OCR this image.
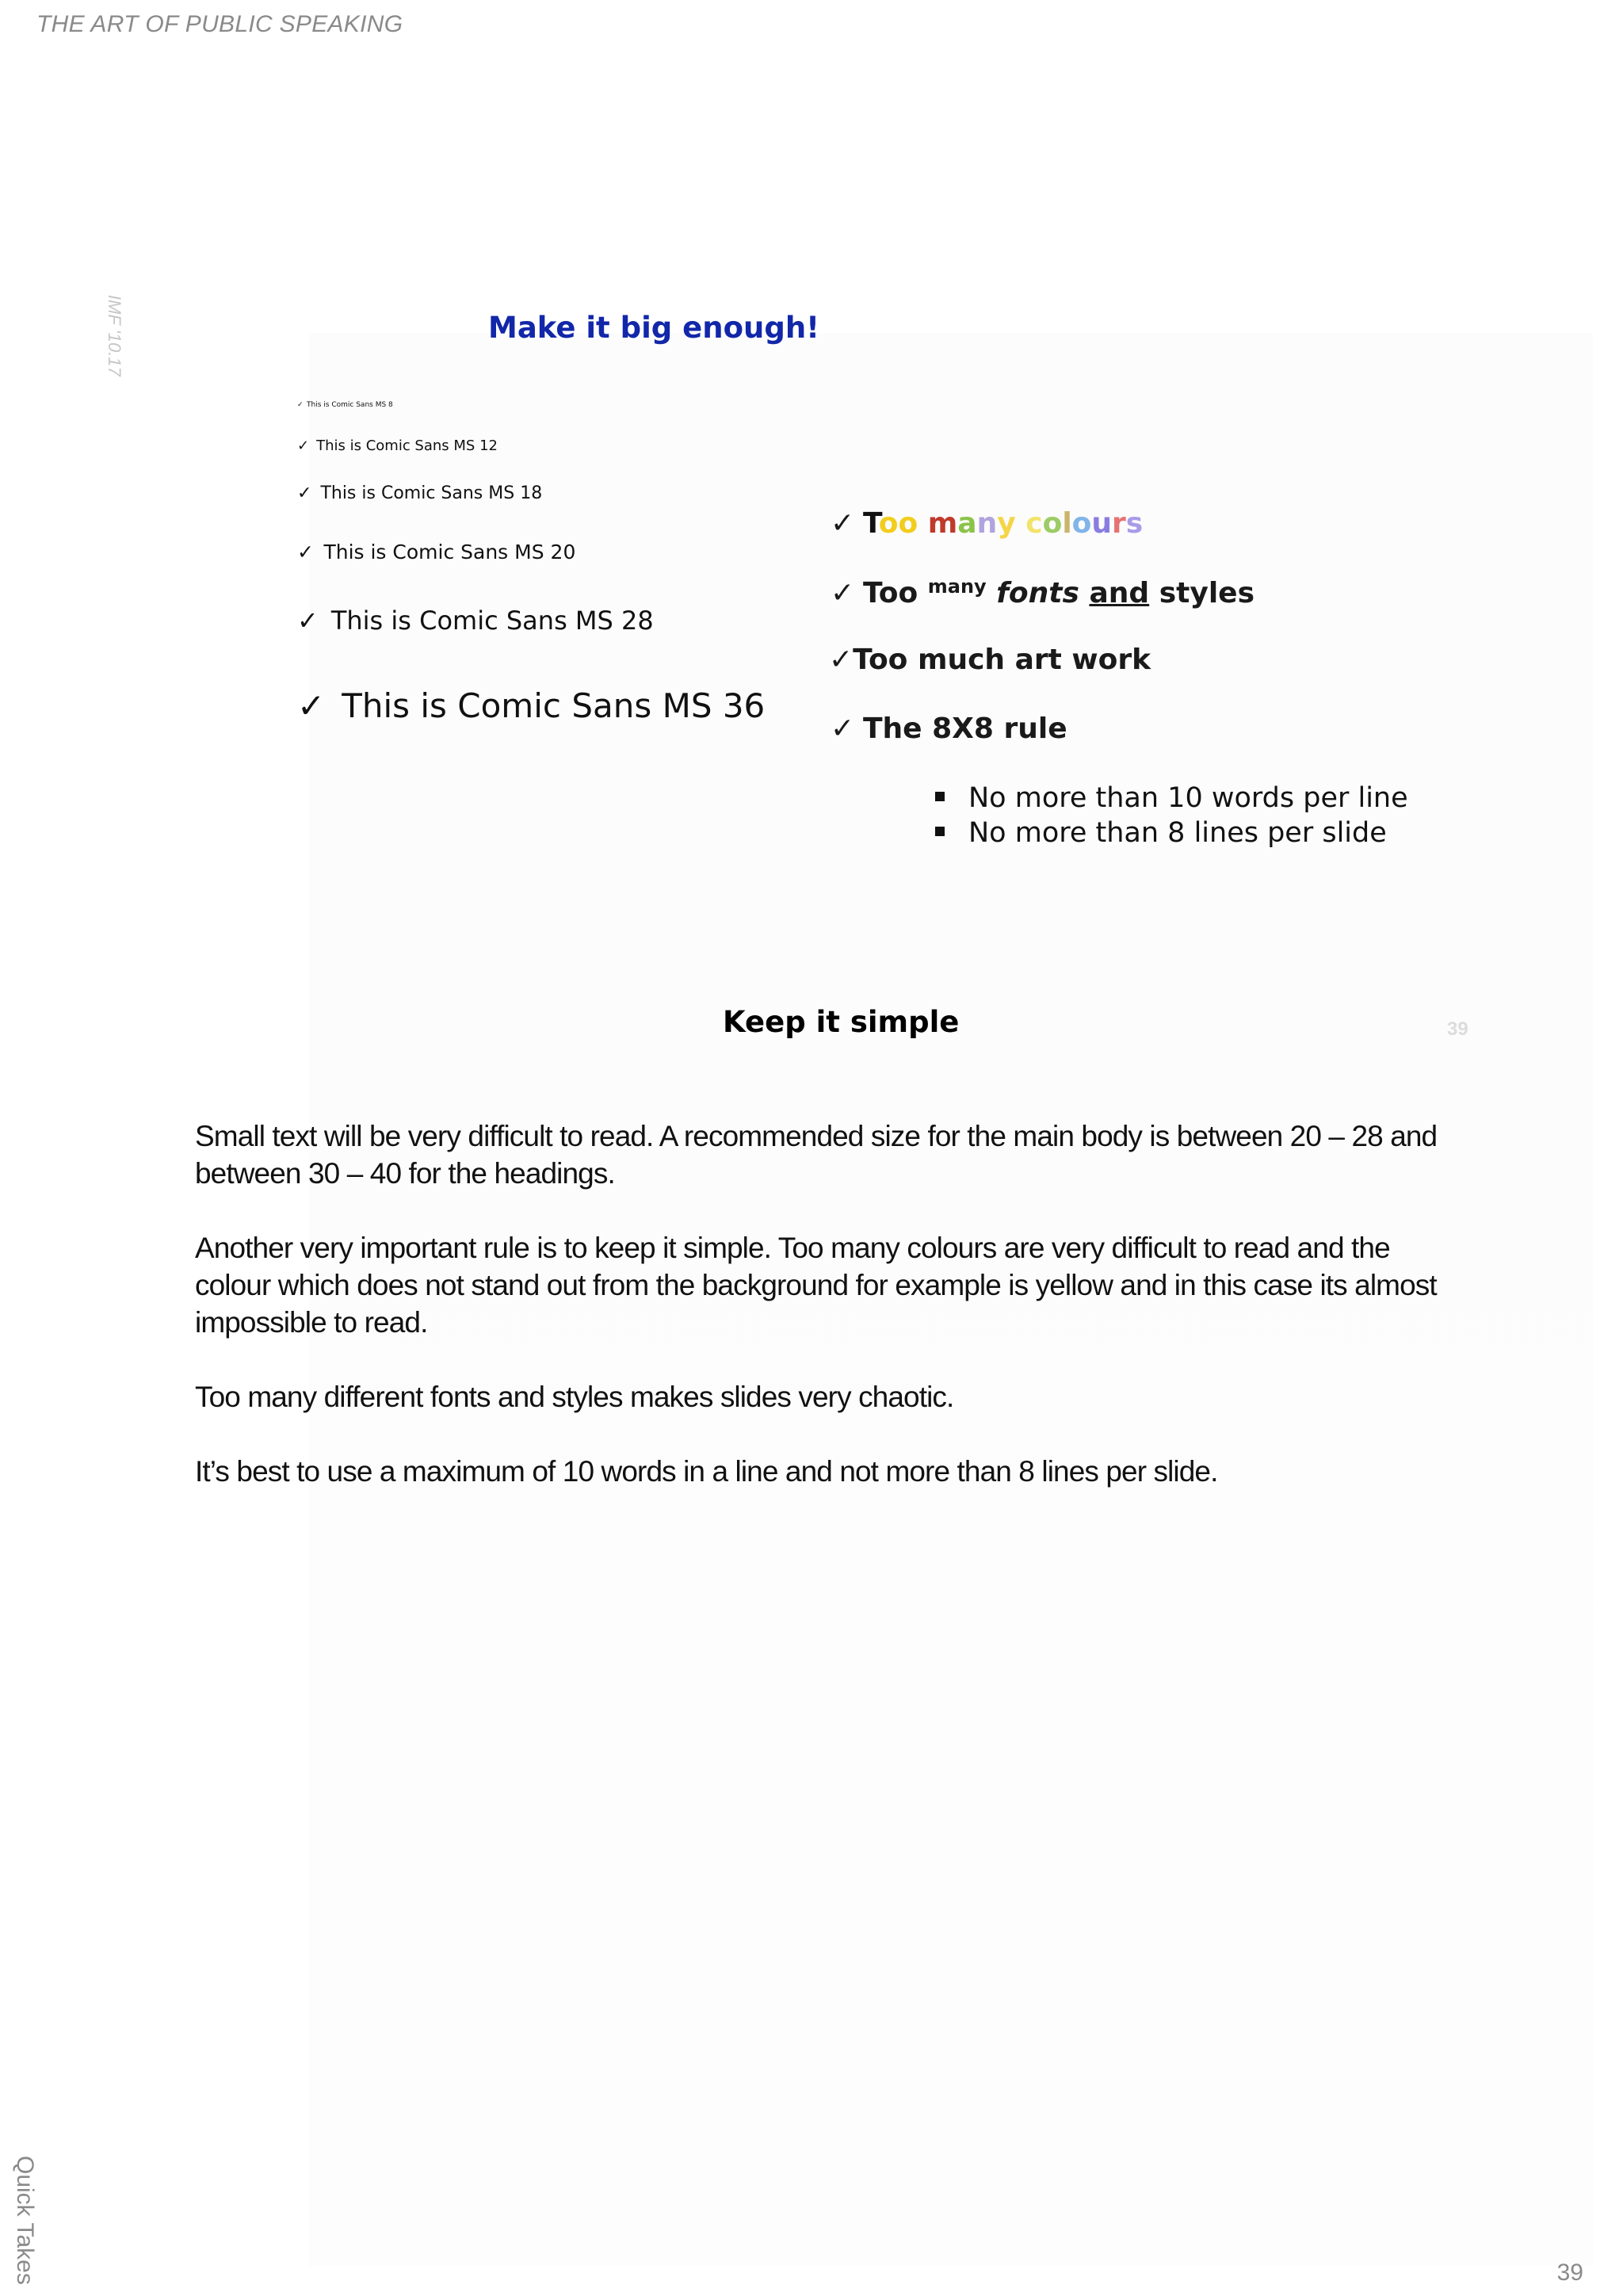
THE ART OF PUBLIC SPEAKING
IMF '10.17
39
Make it big enough!
✓ This is Comic Sans MS 8
✓ This is Comic Sans MS 12
✓ This is Comic Sans MS 18
✓ This is Comic Sans MS 20
✓ This is Comic Sans MS 28
✓ This is Comic Sans MS 36
✓ Too many colours
✓ Too $^{many}$ fonts and styles
✓Too much art work
✓ The 8X8 rule
No more than 10 words per line
No more than 8 lines per slide
Keep it simple

Small text will be very difficult to read. A recommended size for the main body is between 20 – 28 and between 30 – 40 for the headings.

Another very important rule is to keep it simple. Too many colours are very difficult to read and the colour which does not stand out from the background for example is yellow and in this case its almost impossible to read.

Too many different fonts and styles makes slides very chaotic.

It’s best to use a maximum of 10 words in a line and not more than 8 lines per slide.

Quick Takes	39
